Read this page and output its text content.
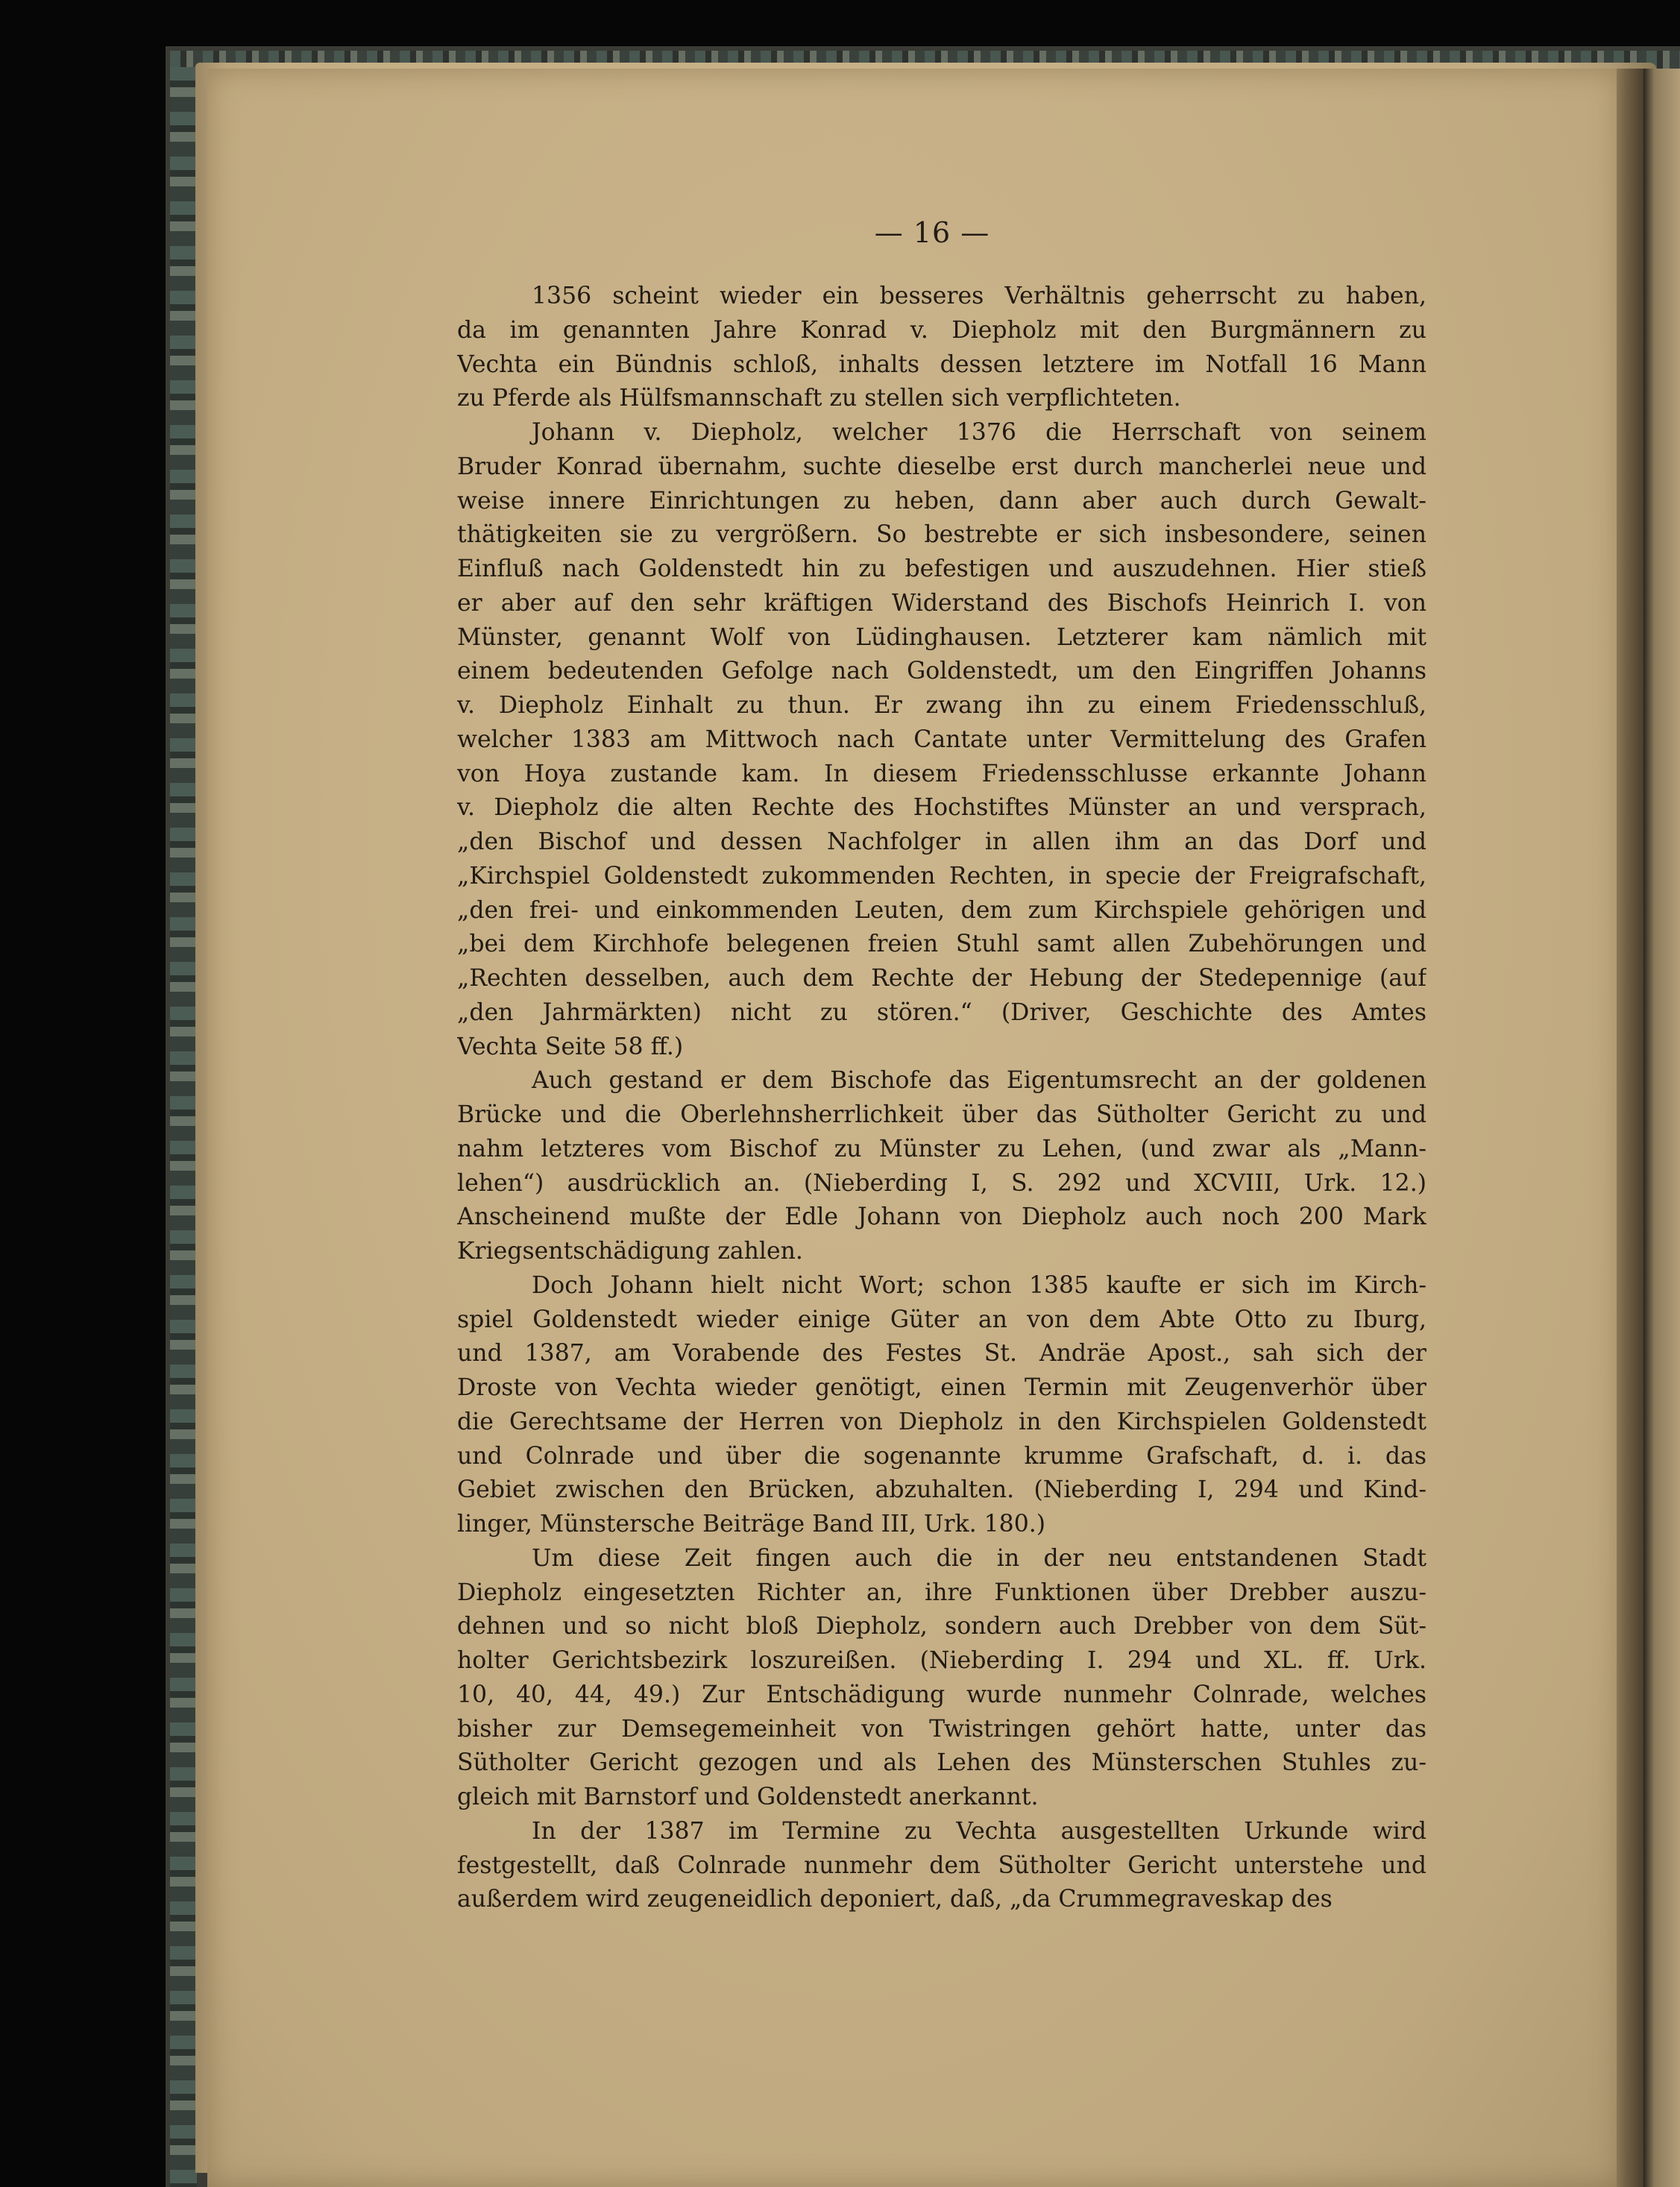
— 16 —
1356 scheint wieder ein besseres Verhältnis geherrscht zu haben,
da im genannten Jahre Konrad v. Diepholz mit den Burgmännern zu
Vechta ein Bündnis schloß, inhalts dessen letztere im Notfall 16 Mann
zu Pferde als Hülfsmannschaft zu stellen sich verpflichteten.
Johann v. Diepholz, welcher 1376 die Herrschaft von seinem
Bruder Konrad übernahm, suchte dieselbe erst durch mancherlei neue und
weise innere Einrichtungen zu heben, dann aber auch durch Gewalt-
thätigkeiten sie zu vergrößern. So bestrebte er sich insbesondere, seinen
Einfluß nach Goldenstedt hin zu befestigen und auszudehnen. Hier stieß
er aber auf den sehr kräftigen Widerstand des Bischofs Heinrich I. von
Münster, genannt Wolf von Lüdinghausen. Letzterer kam nämlich mit
einem bedeutenden Gefolge nach Goldenstedt, um den Eingriffen Johanns
v. Diepholz Einhalt zu thun. Er zwang ihn zu einem Friedensschluß,
welcher 1383 am Mittwoch nach Cantate unter Vermittelung des Grafen
von Hoya zustande kam. In diesem Friedensschlusse erkannte Johann
v. Diepholz die alten Rechte des Hochstiftes Münster an und versprach,
„den Bischof und dessen Nachfolger in allen ihm an das Dorf und
„Kirchspiel Goldenstedt zukommenden Rechten, in specie der Freigrafschaft,
„den frei- und einkommenden Leuten, dem zum Kirchspiele gehörigen und
„bei dem Kirchhofe belegenen freien Stuhl samt allen Zubehörungen und
„Rechten desselben, auch dem Rechte der Hebung der Stedepennige (auf
„den Jahrmärkten) nicht zu stören.“ (Driver, Geschichte des Amtes
Vechta Seite 58 ff.)
Auch gestand er dem Bischofe das Eigentumsrecht an der goldenen
Brücke und die Oberlehnsherrlichkeit über das Sütholter Gericht zu und
nahm letzteres vom Bischof zu Münster zu Lehen, (und zwar als „Mann-
lehen“) ausdrücklich an. (Nieberding I, S. 292 und XCVIII, Urk. 12.)
Anscheinend mußte der Edle Johann von Diepholz auch noch 200 Mark
Kriegsentschädigung zahlen.
Doch Johann hielt nicht Wort; schon 1385 kaufte er sich im Kirch-
spiel Goldenstedt wieder einige Güter an von dem Abte Otto zu Iburg,
und 1387, am Vorabende des Festes St. Andräe Apost., sah sich der
Droste von Vechta wieder genötigt, einen Termin mit Zeugenverhör über
die Gerechtsame der Herren von Diepholz in den Kirchspielen Goldenstedt
und Colnrade und über die sogenannte krumme Grafschaft, d. i. das
Gebiet zwischen den Brücken, abzuhalten. (Nieberding I, 294 und Kind-
linger, Münstersche Beiträge Band III, Urk. 180.)
Um diese Zeit fingen auch die in der neu entstandenen Stadt
Diepholz eingesetzten Richter an, ihre Funktionen über Drebber auszu-
dehnen und so nicht bloß Diepholz, sondern auch Drebber von dem Süt-
holter Gerichtsbezirk loszureißen. (Nieberding I. 294 und XL. ff. Urk.
10, 40, 44, 49.) Zur Entschädigung wurde nunmehr Colnrade, welches
bisher zur Demsegemeinheit von Twistringen gehört hatte, unter das
Sütholter Gericht gezogen und als Lehen des Münsterschen Stuhles zu-
gleich mit Barnstorf und Goldenstedt anerkannt.
In der 1387 im Termine zu Vechta ausgestellten Urkunde wird
festgestellt, daß Colnrade nunmehr dem Sütholter Gericht unterstehe und
außerdem wird zeugeneidlich deponiert, daß, „da Crummegraveskap des
